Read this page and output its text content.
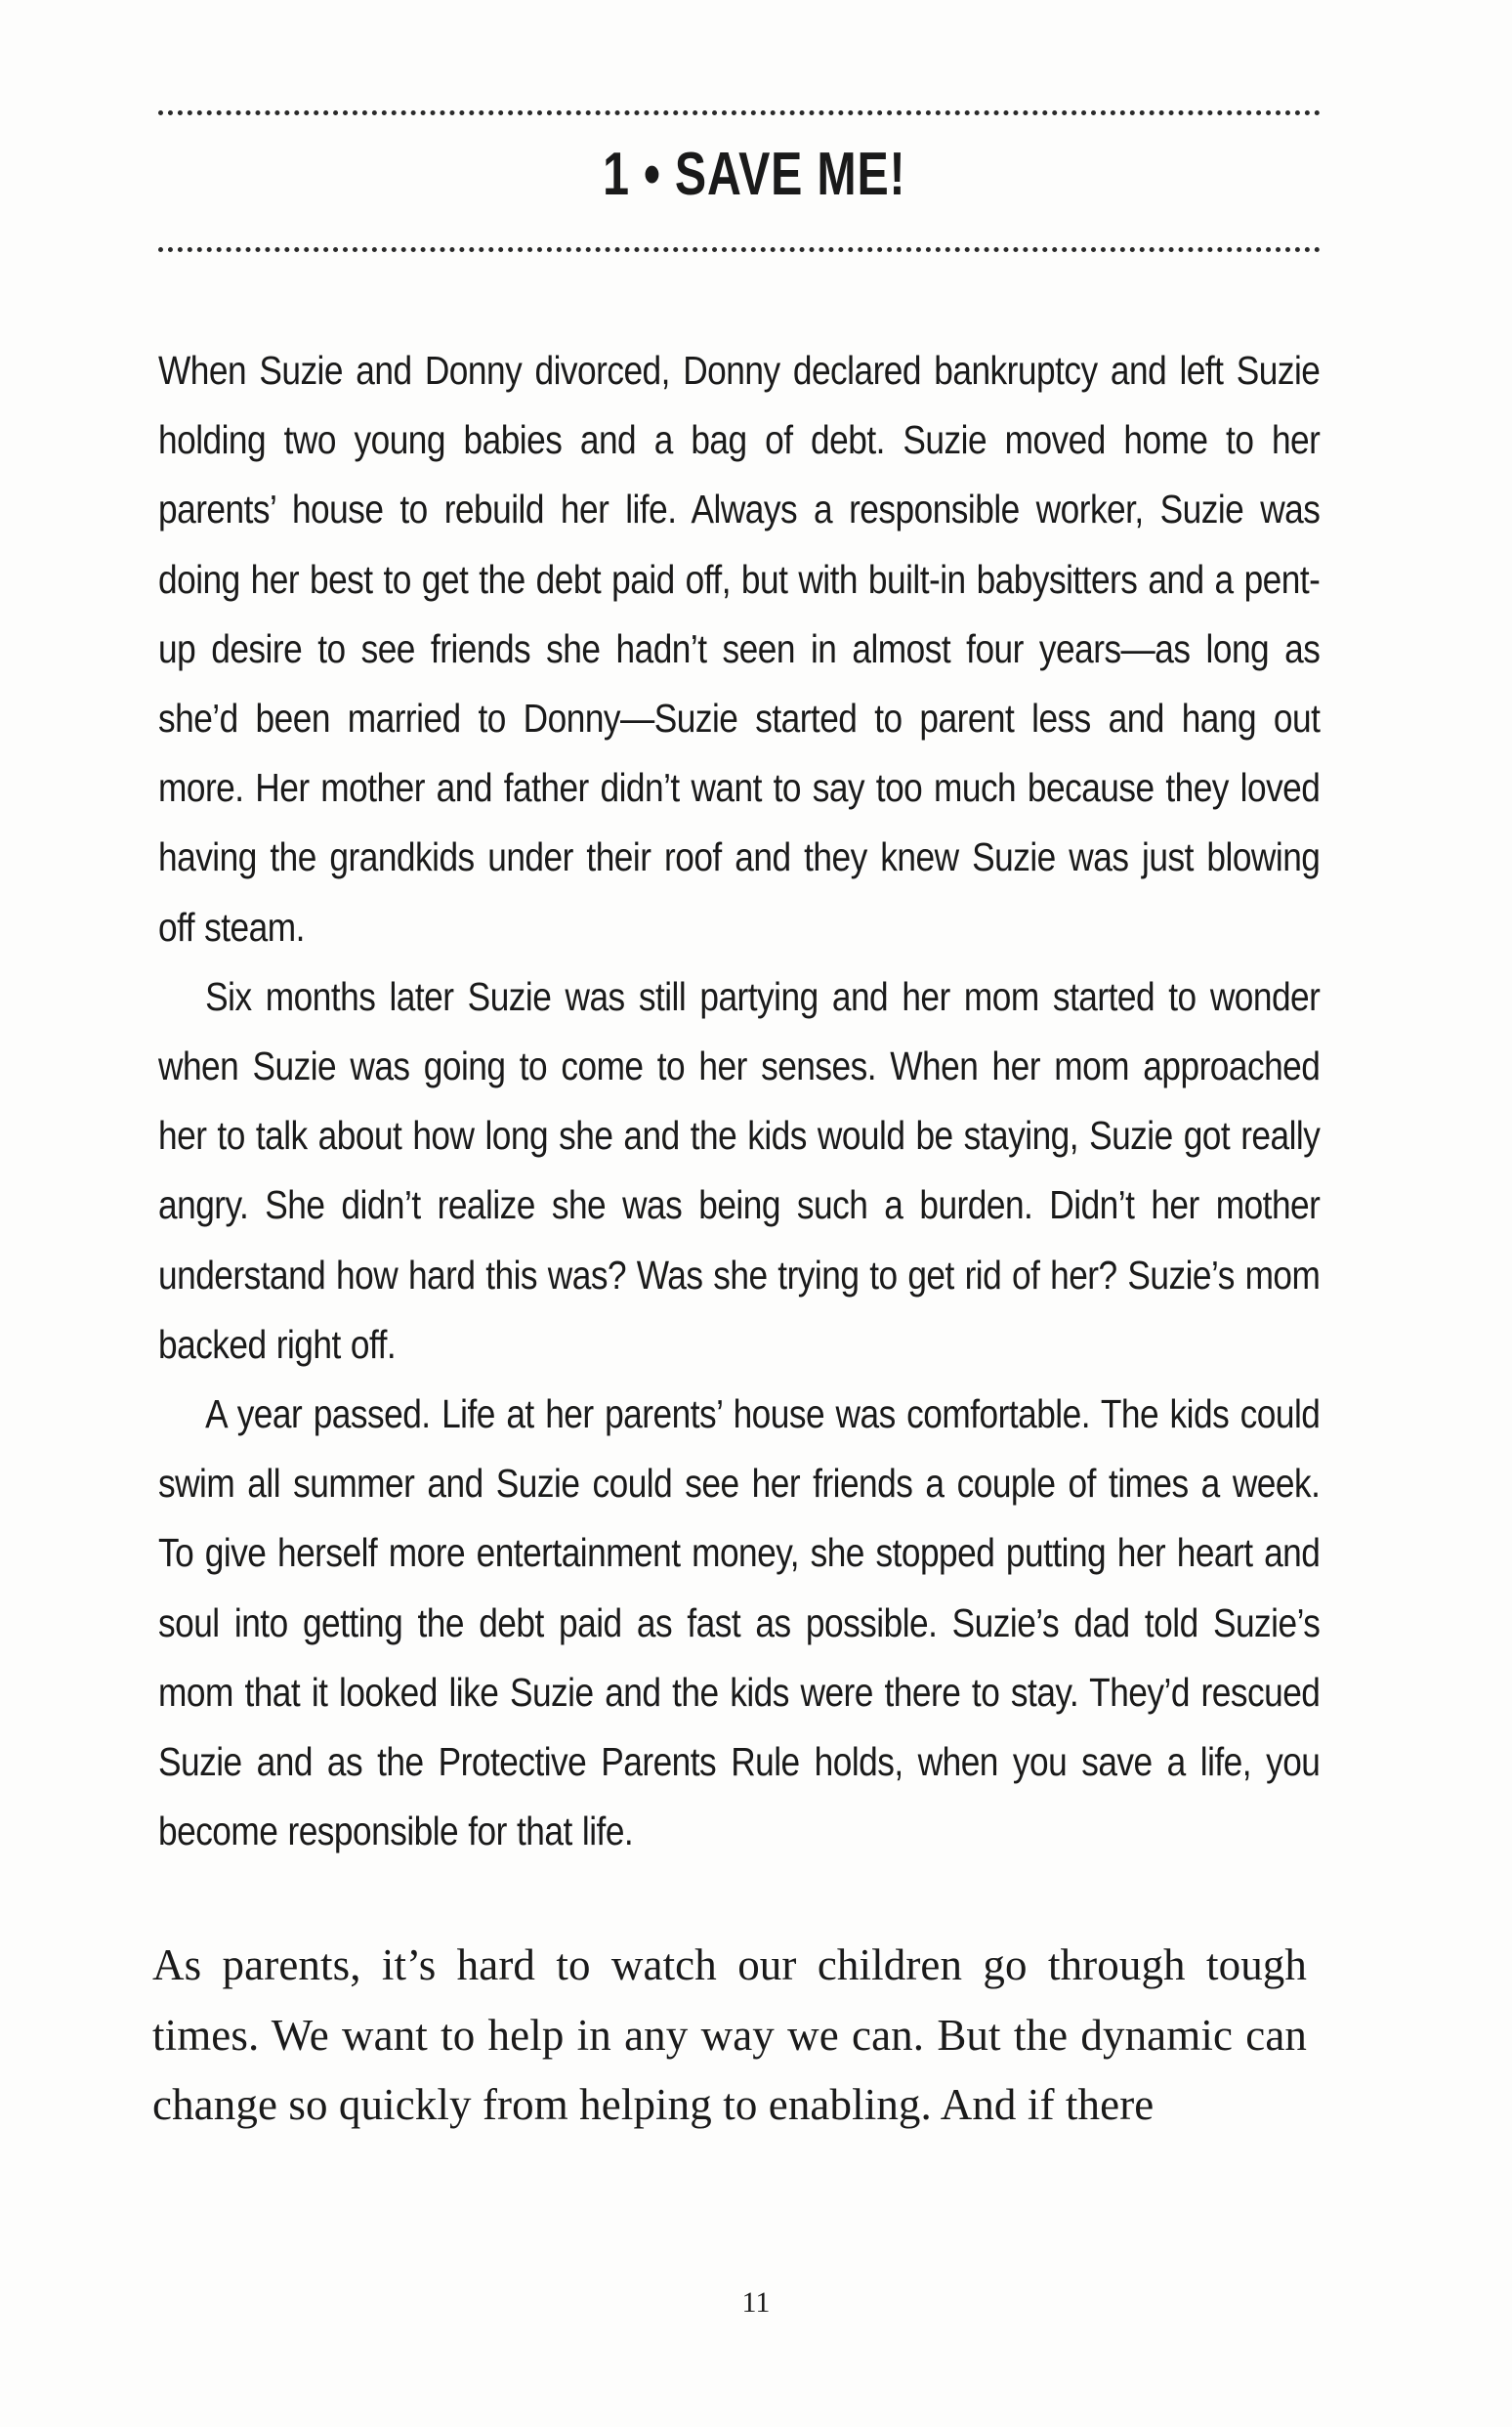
1 • SAVE ME!

When Suzie and Donny divorced, Donny declared bankruptcy and left Suzie holding two young babies and a bag of debt. Suzie moved home to her parents’ house to rebuild her life. Always a responsible worker, Suzie was doing her best to get the debt paid off, but with built-in babysitters and a pent-up desire to see friends she hadn’t seen in almost four years—as long as she’d been married to Donny—Suzie started to parent less and hang out more. Her mother and father didn’t want to say too much because they loved having the grandkids under their roof and they knew Suzie was just blowing off steam.

Six months later Suzie was still partying and her mom started to wonder when Suzie was going to come to her senses. When her mom approached her to talk about how long she and the kids would be staying, Suzie got really angry. She didn’t realize she was being such a burden. Didn’t her mother understand how hard this was? Was she trying to get rid of her? Suzie’s mom backed right off.

A year passed. Life at her parents’ house was comfortable. The kids could swim all summer and Suzie could see her friends a couple of times a week. To give herself more entertainment money, she stopped putting her heart and soul into getting the debt paid as fast as possible. Suzie’s dad told Suzie’s mom that it looked like Suzie and the kids were there to stay. They’d rescued Suzie and as the Protective Parents Rule holds, when you save a life, you become responsible for that life.

As parents, it’s hard to watch our children go through tough times. We want to help in any way we can. But the dynamic can change so quickly from helping to enabling. And if there

11
